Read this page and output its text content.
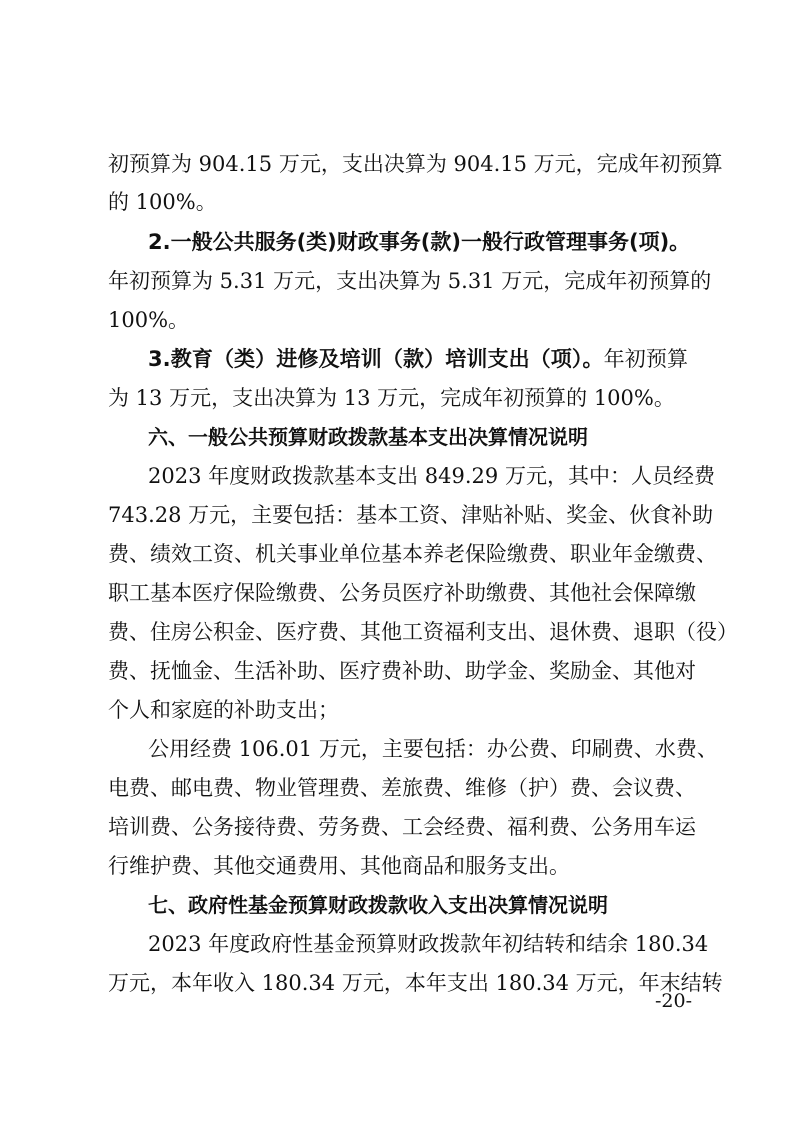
初预算为 904.15 万元，支出决算为 904.15 万元，完成年初预算
的 100%。
2.一般公共服务(类)财政事务(款)一般行政管理事务(项)。
年初预算为 5.31 万元，支出决算为 5.31 万元，完成年初预算的
100%。
3.教育（类）进修及培训（款）培训支出（项）。年初预算
为 13 万元，支出决算为 13 万元，完成年初预算的 100%。
六、一般公共预算财政拨款基本支出决算情况说明
2023 年度财政拨款基本支出 849.29 万元，其中：人员经费
743.28 万元，主要包括：基本工资、津贴补贴、奖金、伙食补助
费、绩效工资、机关事业单位基本养老保险缴费、职业年金缴费、
职工基本医疗保险缴费、公务员医疗补助缴费、其他社会保障缴
费、住房公积金、医疗费、其他工资福利支出、退休费、退职（役）
费、抚恤金、生活补助、医疗费补助、助学金、奖励金、其他对
个人和家庭的补助支出；
公用经费 106.01 万元，主要包括：办公费、印刷费、水费、
电费、邮电费、物业管理费、差旅费、维修（护）费、会议费、
培训费、公务接待费、劳务费、工会经费、福利费、公务用车运
行维护费、其他交通费用、其他商品和服务支出。
七、政府性基金预算财政拨款收入支出决算情况说明
2023 年度政府性基金预算财政拨款年初结转和结余 180.34
万元，本年收入 180.34 万元，本年支出 180.34 万元，年末结转
-20-
